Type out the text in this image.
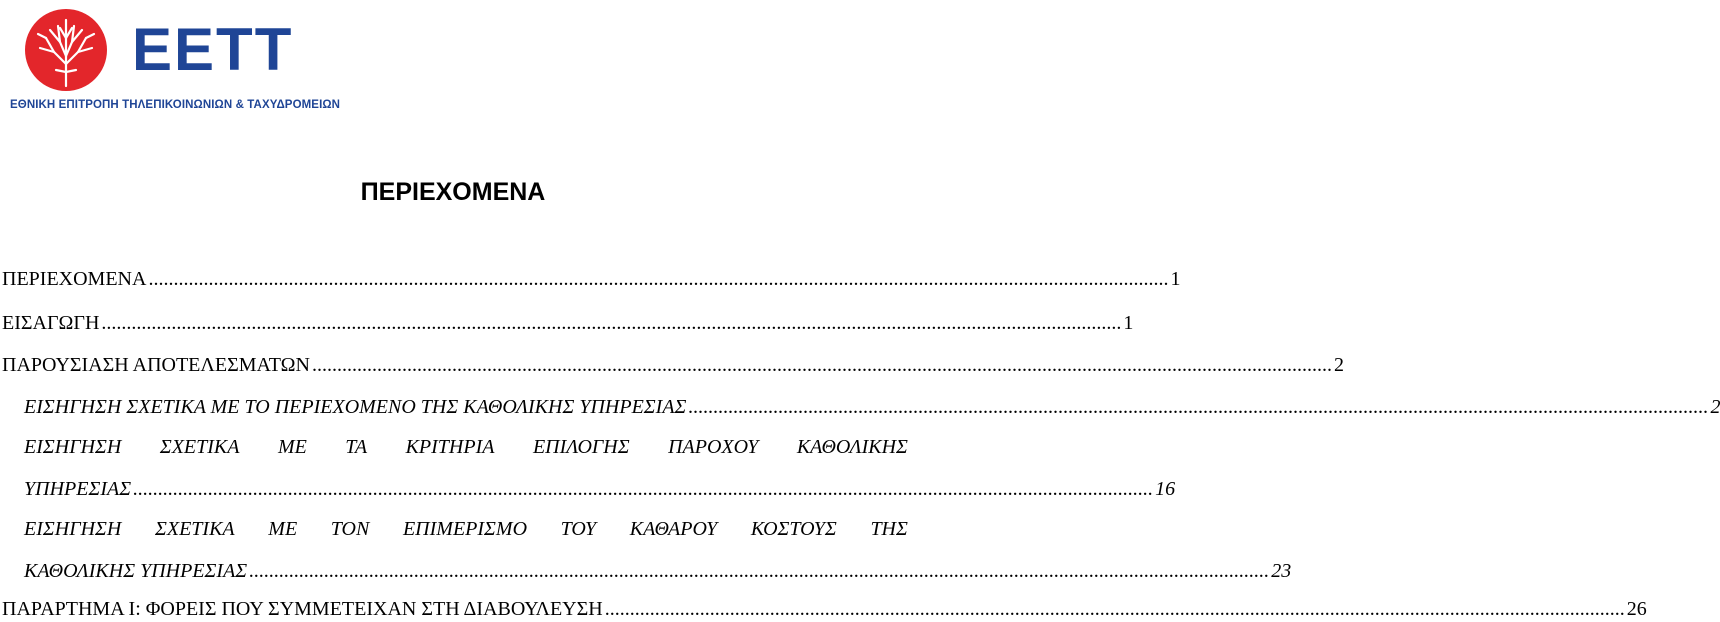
ΕΕΤΤ
ΕΘΝΙΚΗ ΕΠΙΤΡΟΠΗ ΤΗΛΕΠΙΚΟΙΝΩΝΙΩΝ & ΤΑΧΥΔΡΟΜΕΙΩΝ
ΠΕΡΙΕΧΟΜΕΝΑ
ΠΕΡΙΕΧΟΜΕΝΑ ............................................................................................................................................................................................................ 1
ΕΙΣΑΓΩΓΗ ............................................................................................................................................................................................................ 1
ΠΑΡΟΥΣΙΑΣΗ ΑΠΟΤΕΛΕΣΜΑΤΩΝ ............................................................................................................................................................................................................ 2
ΕΙΣΗΓΗΣΗ ΣΧΕΤΙΚΑ ΜΕ ΤΟ ΠΕΡΙΕΧΟΜΕΝΟ ΤΗΣ ΚΑΘΟΛΙΚΗΣ ΥΠΗΡΕΣΙΑΣ ............................................................................................................................................................................................................ 2
ΕΙΣΗΓΗΣΗ ΣΧΕΤΙΚΑ ΜΕ ΤΑ ΚΡΙΤΗΡΙΑ ΕΠΙΛΟΓΗΣ ΠΑΡΟΧΟΥ ΚΑΘΟΛΙΚΗΣ
ΥΠΗΡΕΣΙΑΣ ............................................................................................................................................................................................................ 16
ΕΙΣΗΓΗΣΗ ΣΧΕΤΙΚΑ ΜΕ ΤΟΝ ΕΠΙΜΕΡΙΣΜΟ ΤΟΥ ΚΑΘΑΡΟΥ ΚΟΣΤΟΥΣ ΤΗΣ
ΚΑΘΟΛΙΚΗΣ ΥΠΗΡΕΣΙΑΣ ............................................................................................................................................................................................................ 23
ΠΑΡΑΡΤΗΜΑ Ι: ΦΟΡΕΙΣ ΠΟΥ ΣΥΜΜΕΤΕΙΧΑΝ ΣΤΗ ΔΙΑΒΟΥΛΕΥΣΗ ............................................................................................................................................................................................................ 26
